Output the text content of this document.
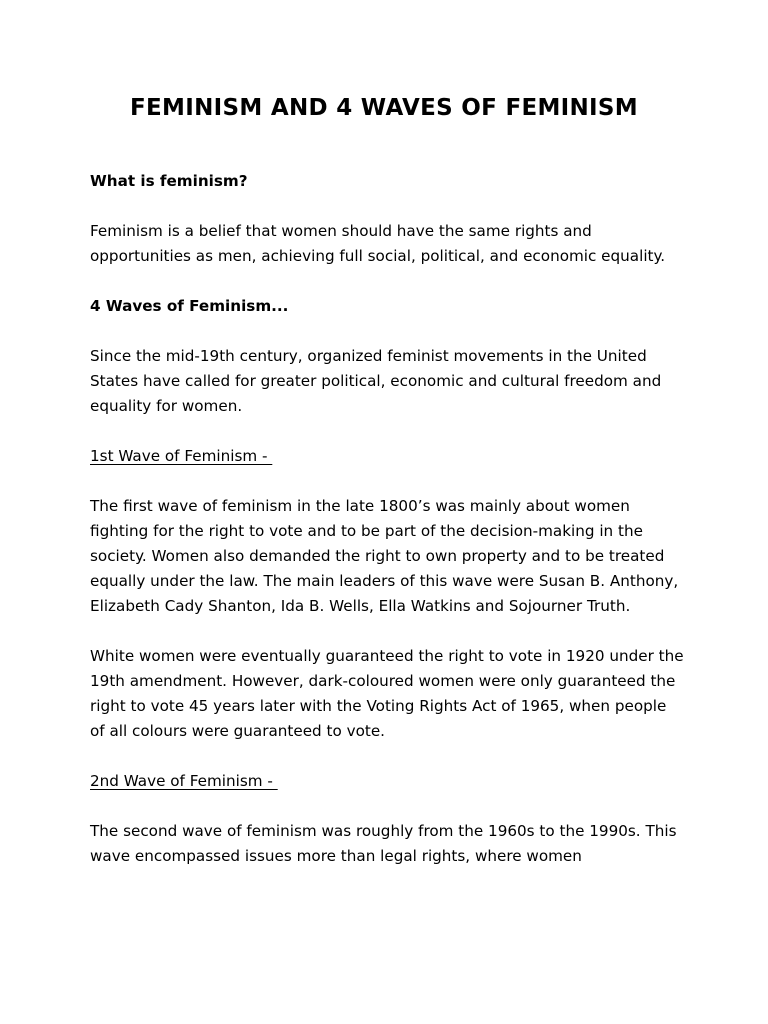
FEMINISM AND 4 WAVES OF FEMINISM

What is feminism?

Feminism is a belief that women should have the same rights and opportunities as men, achieving full social, political, and economic equality.

4 Waves of Feminism...

Since the mid-19th century, organized feminist movements in the United States have called for greater political, economic and cultural freedom and equality for women.

1st Wave of Feminism -

The first wave of feminism in the late 1800’s was mainly about women fighting for the right to vote and to be part of the decision-making in the society. Women also demanded the right to own property and to be treated equally under the law. The main leaders of this wave were Susan B. Anthony, Elizabeth Cady Shanton, Ida B. Wells, Ella Watkins and Sojourner Truth.

White women were eventually guaranteed the right to vote in 1920 under the 19th amendment. However, dark-coloured women were only guaranteed the right to vote 45 years later with the Voting Rights Act of 1965, when people of all colours were guaranteed to vote.

2nd Wave of Feminism -

The second wave of feminism was roughly from the 1960s to the 1990s. This wave encompassed issues more than legal rights, where women
